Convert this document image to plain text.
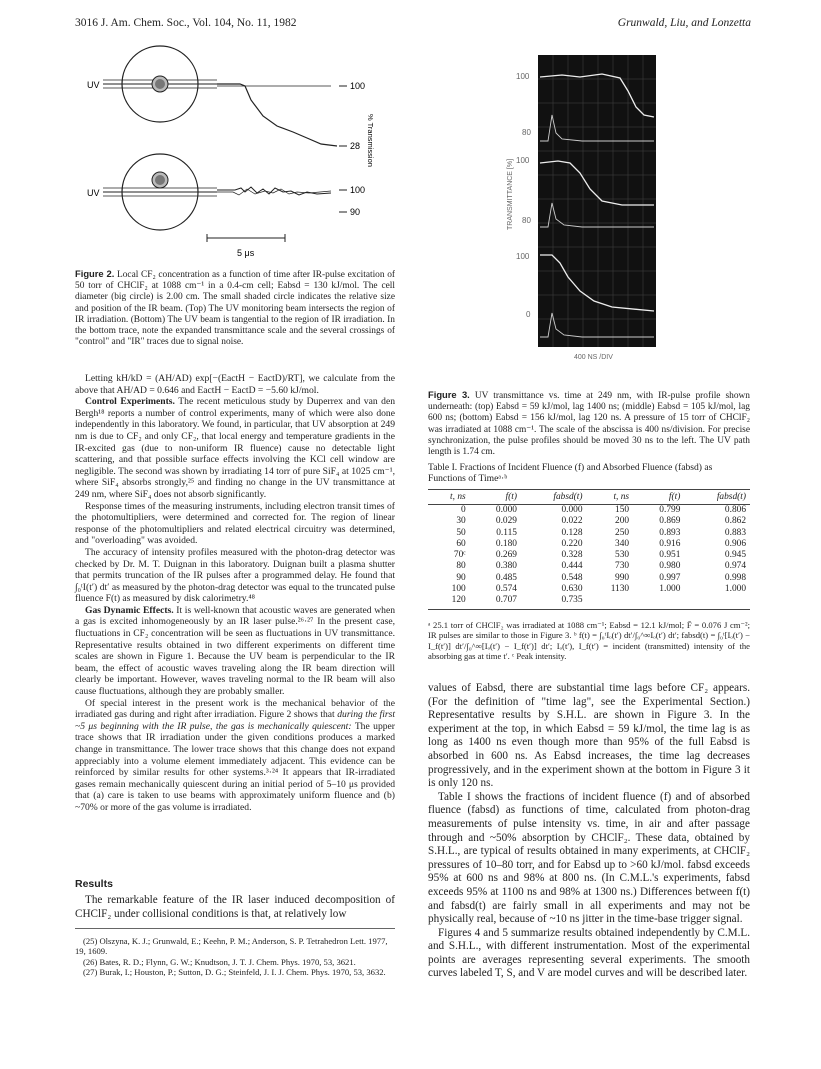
3016 J. Am. Chem. Soc., Vol. 104, No. 11, 1982	Grunwald, Liu, and Lonzetta
UV	100
28 % Transmission
UV	100
90
5 μs
Figure 2. Local CF₂ concentration as a function of time after IR-pulse excitation of 50 torr of CHClF₂ at 1088 cm⁻¹ in a 0.4-cm cell; Eabsd = 130 kJ/mol. The cell diameter (big circle) is 2.00 cm. The small shaded circle indicates the relative size and position of the IR beam. (Top) The UV monitoring beam intersects the region of IR irradiation. (Bottom) The UV beam is tangential to the region of IR irradiation. In the bottom trace, note the expanded transmittance scale and the several crossings of "control" and "IR" traces due to signal noise.
100
80
100
80
100
0
TRANSMITTANCE [%]
400 NS /DIV
Figure 3. UV transmittance vs. time at 249 nm, with IR-pulse profile shown underneath: (top) Eabsd = 59 kJ/mol, lag 1400 ns; (middle) Eabsd = 105 kJ/mol, lag 600 ns; (bottom) Eabsd = 156 kJ/mol, lag 120 ns. A pressure of 15 torr of CHClF₂ was irradiated at 1088 cm⁻¹. The scale of the abscissa is 400 ns/division. For precise synchronization, the pulse profiles should be moved 30 ns to the left. The UV path length is 1.74 cm.

Letting kH/kD = (AH/AD) exp[−(EactH − EactD)/RT], we calculate from the above that AH/AD = 0.646 and EactH − EactD = −5.60 kJ/mol.

Control Experiments. The recent meticulous study by Duperrex and van den Bergh¹⁸ reports a number of control experiments, many of which were also done independently in this laboratory. We found, in particular, that UV absorption at 249 nm is due to CF₂ and only CF₂, that local energy and temperature gradients in the IR-excited gas (due to non-uniform IR fluence) cause no detectable light scattering, and that possible surface effects involving the KCl cell window are negligible. The second was shown by irradiating 14 torr of pure SiF₄ at 1025 cm⁻¹, where SiF₄ absorbs strongly,²⁵ and finding no change in the UV transmittance at 249 nm, where SiF₄ does not absorb significantly.

Response times of the measuring instruments, including electron transit times of the photomultipliers, were determined and corrected for. The region of linear response of the photomultipliers and related electrical circuitry was determined, and "overloading" was avoided.

The accuracy of intensity profiles measured with the photon-drag detector was checked by Dr. M. T. Duignan in this laboratory. Duignan built a plasma shutter that permits truncation of the IR pulses after a programmed delay. He found that ∫₀ᵗI(t′) dt′ as measured by the photon-drag detector was equal to the truncated pulse fluence F(t) as measured by disk calorimetry.⁴⁸

Gas Dynamic Effects. It is well-known that acoustic waves are generated when a gas is excited inhomogeneously by an IR laser pulse.²⁶·²⁷ In the present case, fluctuations in CF₂ concentration will be seen as fluctuations in UV transmittance. Representative results obtained in two different experiments on different time scales are shown in Figure 1. Because the UV beam is perpendicular to the IR beam, the effect of acoustic waves traveling along the IR beam direction will clearly be important. However, waves traveling normal to the IR beam will also cause fluctuations, although they are probably smaller.

Of special interest in the present work is the mechanical behavior of the irradiated gas during and right after irradiation. Figure 2 shows that during the first ~5 μs beginning with the IR pulse, the gas is mechanically quiescent: The upper trace shows that IR irradiation under the given conditions produces a marked change in transmittance. The lower trace shows that this change does not expand appreciably into a volume element immediately adjacent. This evidence can be reinforced by similar results for other systems.³·²⁴ It appears that IR-irradiated gases remain mechanically quiescent during an initial period of 5–10 μs provided that (a) care is taken to use beams with approximately uniform fluence and (b) ~70% or more of the gas volume is irradiated.

Results

The remarkable feature of the IR laser induced decomposition of CHClF₂ under collisional conditions is that, at relatively low

(25) Olszyna, K. J.; Grunwald, E.; Keehn, P. M.; Anderson, S. P. Tetrahedron Lett. 1977, 19, 1609.

(26) Bates, R. D.; Flynn, G. W.; Knudtson, J. T. J. Chem. Phys. 1970, 53, 3621.

(27) Burak, I.; Houston, P.; Sutton, D. G.; Steinfeld, J. I. J. Chem. Phys. 1970, 53, 3632.

Table I. Fractions of Incident Fluence (f) and Absorbed Fluence (fabsd) as Functions of Timeᵃ·ᵇ
t, ns	f(t)	fabsd(t)	t, ns	f(t)	fabsd(t)
0	0.000	0.000	150	0.799	0.806
30	0.029	0.022	200	0.869	0.862
50	0.115	0.128	250	0.893	0.883
60	0.180	0.220	340	0.916	0.906
70ᶜ	0.269	0.328	530	0.951	0.945
80	0.380	0.444	730	0.980	0.974
90	0.485	0.548	990	0.997	0.998
100	0.574	0.630	1130	1.000	1.000
120	0.707	0.735			
ᵃ 25.1 torr of CHClF₂ was irradiated at 1088 cm⁻¹; Eabsd = 12.1 kJ/mol; F̄ = 0.076 J cm⁻²; IR pulses are similar to those in Figure 3. ᵇ f(t) = ∫₀ᵗIₒ(t′) dt′/∫₀^∞Iₒ(t′) dt′; fabsd(t) = ∫₀ᵗ[Iₒ(t′) − I_f(t′)] dt′/∫₀^∞[Iₒ(t′) − I_f(t′)] dt′; Iₒ(t′), I_f(t′) = incident (transmitted) intensity of the absorbing gas at time t′. ᶜ Peak intensity.

values of Eabsd, there are substantial time lags before CF₂ appears. (For the definition of "time lag", see the Experimental Section.) Representative results by S.H.L. are shown in Figure 3. In the experiment at the top, in which Eabsd = 59 kJ/mol, the time lag is as long as 1400 ns even though more than 95% of the full Eabsd is absorbed in 600 ns. As Eabsd increases, the time lag decreases progressively, and in the experiment shown at the bottom in Figure 3 it is only 120 ns.

Table I shows the fractions of incident fluence (f) and of absorbed fluence (fabsd) as functions of time, calculated from photon-drag measurements of pulse intensity vs. time, in air and after passage through and ~50% absorption by CHClF₂. These data, obtained by S.H.L., are typical of results obtained in many experiments, at CHClF₂ pressures of 10–80 torr, and for Eabsd up to >60 kJ/mol. fabsd exceeds 95% at 600 ns and 98% at 800 ns. (In C.M.L.'s experiments, fabsd exceeds 95% at 1100 ns and 98% at 1300 ns.) Differences between f(t) and fabsd(t) are fairly small in all experiments and may not be physically real, because of ~10 ns jitter in the time-base trigger signal.

Figures 4 and 5 summarize results obtained independently by C.M.L. and S.H.L., with different instrumentation. Most of the experimental points are averages representing several experiments. The smooth curves labeled T, S, and V are model curves and will be described later.
